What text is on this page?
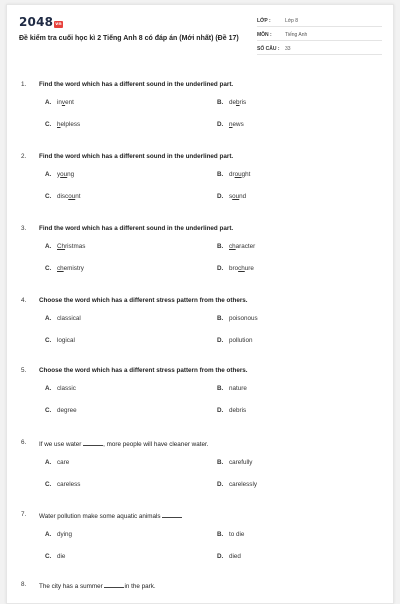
2048 vn
Đề kiểm tra cuối học kì 2 Tiếng Anh 8 có đáp án (Mới nhất) (Đề 17)
LỚP :	Lớp 8
MÔN :	Tiếng Anh
SỐ CÂU :	33
1.	Find the word which has a different sound in the underlined part.
A. invent	B. debris
C. helpless	D. news
2.	Find the word which has a different sound in the underlined part.
A. young	B. drought
C. discount	D. sound
3.	Find the word which has a different sound in the underlined part.
A. Christmas	B. character
C. chemistry	D. brochure
4.	Choose the word which has a different stress pattern from the others.
A. classical	B. poisonous
C. logical	D. pollution
5.	Choose the word which has a different stress pattern from the others.
A. classic	B. nature
C. degree	D. debris
6.	If we use water	, more people will have cleaner water.
A. care	B. carefully
C. careless	D. carelessly
7.	Water pollution make some aquatic animals
A. dying	B. to die
C. die	D. died
8.	The city has a summer	in the park.
